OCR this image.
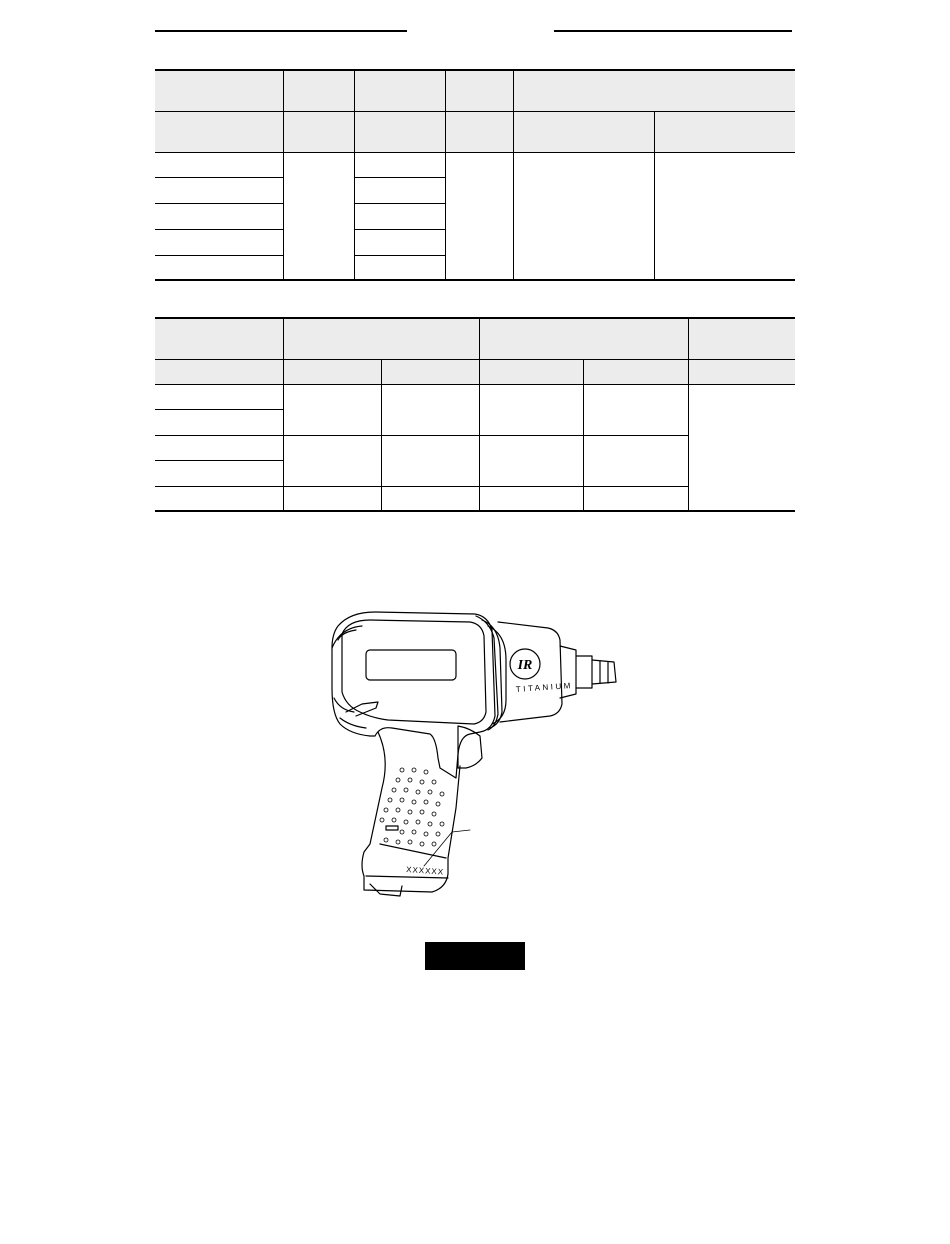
IR
TITANIUM
XXXXXX
